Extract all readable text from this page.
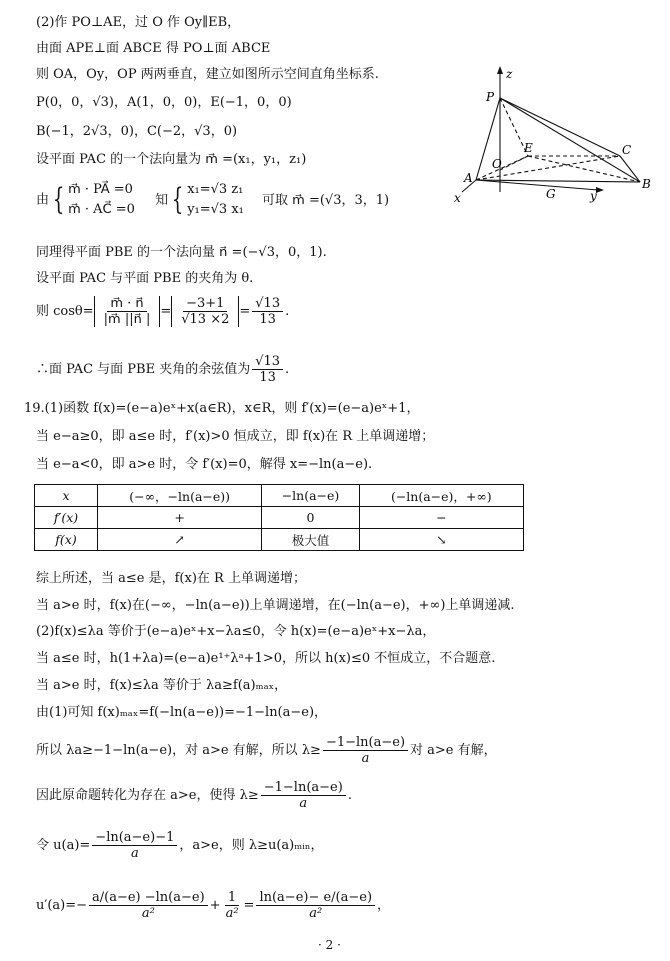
(2)作 PO⊥AE，过 O 作 Oy∥EB，
由面 APE⊥面 ABCE 得 PO⊥面 ABCE
则 OA，Oy，OP 两两垂直，建立如图所示空间直角坐标系.
P(0，0，√3)，A(1，0，0)，E(−1，0，0)
B(−1，2√3，0)，C(−2，√3，0)
设平面 PAC 的一个法向量为 m⃗ =(x₁，y₁，z₁)
由 { m⃗ · PA⃗ =0
m⃗ · AC⃗ =0
知 { x₁=√3 z₁
y₁=√3 x₁
可取 m⃗ =(√3，3，1)
同理得平面 PBE 的一个法向量 n⃗ =(−√3，0，1).
设平面 PAC 与平面 PBE 的夹角为 θ.
则 $\cos\theta= \frac{m⃗ \cdot n⃗}{|m⃗ ||n⃗ |} = \frac{-3+1}{√13 \times 2} = \frac{√13}{13}$ .
∴面 PAC 与面 PBE 夹角的余弦值为 $\frac{√13}{13}$ .
19.(1)函数 f(x)=(e−a)eˣ+x(a∈R)，x∈R，则 f′(x)=(e−a)eˣ+1，
当 e−a≥0，即 a≤e 时，f′(x)>0 恒成立，即 f(x)在 R 上单调递增；
当 e−a<0，即 a>e 时，令 f′(x)=0，解得 x=−ln(a−e).
x	(−∞，−ln(a−e))	−ln(a−e)	(−ln(a−e)，+∞)
f′(x)	+	0	−
f(x)	↗	极大值	↘
综上所述，当 a≤e 是，f(x)在 R 上单调递增；
当 a>e 时，f(x)在(−∞，−ln(a−e))上单调递增，在(−ln(a−e)，+∞)上单调递减.
(2)f(x)≤λa 等价于(e−a)eˣ+x−λa≤0，令 h(x)=(e−a)eˣ+x−λa，
当 a≤e 时，h(1+λa)=(e−a)e¹⁺λᵃ+1>0，所以 h(x)≤0 不恒成立，不合题意.
当 a>e 时，f(x)≤λa 等价于 λa≥f(a)ₘₐₓ，
由(1)可知 f(x)ₘₐₓ=f(−ln(a−e))=−1−ln(a−e)，
所以 λa≥−1−ln(a−e)，对 a>e 有解，所以 $\lambda\ge \frac{-1-\ln(a-e)}{a}$ 对 a>e 有解，
因此原命题转化为存在 a>e，使得 $\lambda\ge \frac{-1-\ln(a-e)}{a}$ .
令 $u(a)= \frac{-\ln(a-e)-1}{a}$ ，a>e，则 λ≥u(a)ₘᵢₙ，
$u'(a)=- \frac{a/(a-e) -\ln(a-e)}{\text{a²}} + \frac{1}{\text{a²}} = \frac{\ln(a-e)- e/(a-e)}{\text{a²}}$ ，
· 2 ·
z
P
E	C
O
A
G
B
y
x
